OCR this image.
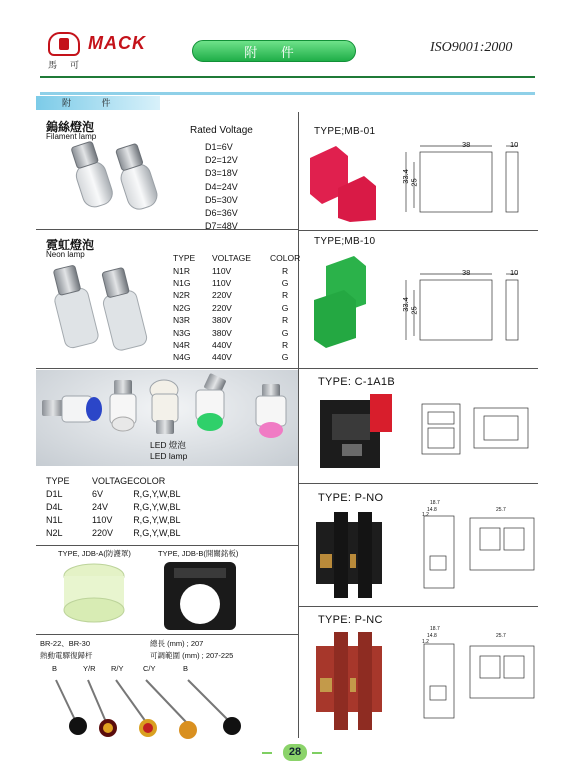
MACK
馬 可
附 件	ISO9001:2000
附 件
鎢絲燈泡
Filament lamp
Rated Voltage
D1=6V
D2=12V
D3=18V
D4=24V
D5=30V
D6=36V
D7=48V
霓虹燈泡
Neon lamp	TYPE	VOLTAGE	COLOR
N1R	110V	R
N1G	110V	G
N2R	220V	R
N2G	220V	G
N3R	380V	R
N3G	380V	G
N4R	440V	R
N4G	440V	G
LED 燈泡
LED lamp
TYPE	VOLTAGE	COLOR
D1L	6V	R,G,Y,W,BL
D4L	24V	R,G,Y,W,BL
N1L	110V	R,G,Y,W,BL
N2L	220V	R,G,Y,W,BL
TYPE, JDB-A(防護罩)	TYPE, JDB-B(開關銘板)
BR-22、BR-30
熱動電驛復歸杆
總長 (mm) ; 207
可調範圍 (mm) ; 207-225
B	Y/R R/Y	C/Y	B
TYPE;MB-01
38	10
33.4 25
TYPE;MB-10
38	10
33.4 25
TYPE: C-1A1B
TYPE: P-NO	18.7
14.8
1.2
25.7
TYPE: P-NC
18.7
14.8
1.2
25.7
28
